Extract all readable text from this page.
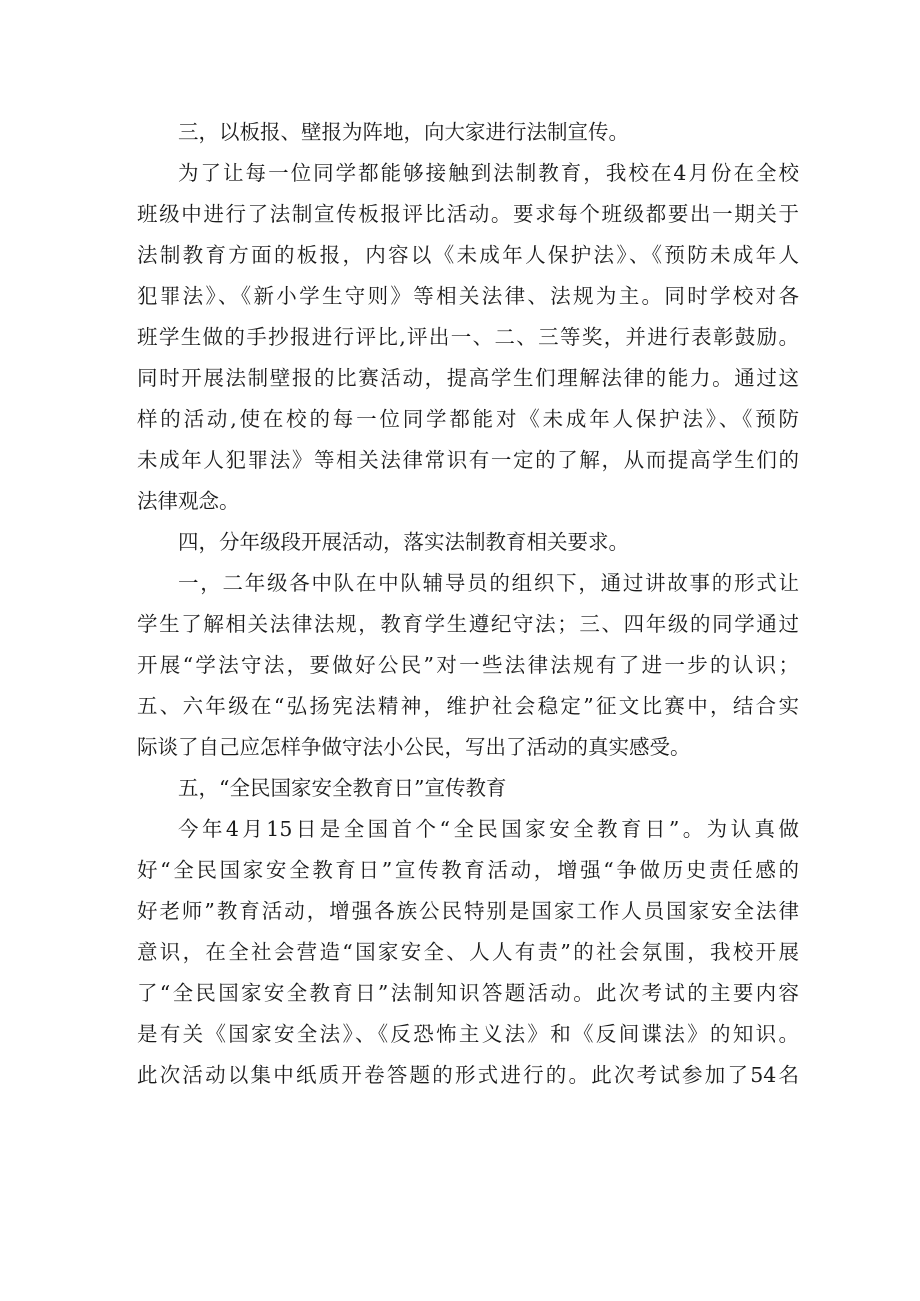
三，以板报、壁报为阵地，向大家进行法制宣传。
为了让每一位同学都能够接触到法制教育，我校在4月份在全校
班级中进行了法制宣传板报评比活动。要求每个班级都要出一期关于
法制教育方面的板报，内容以《未成年人保护法》、《预防未成年人
犯罪法》、《新小学生守则》等相关法律、法规为主。同时学校对各
班学生做的手抄报进行评比,评出一、二、三等奖，并进行表彰鼓励。
同时开展法制壁报的比赛活动，提高学生们理解法律的能力。通过这
样的活动,使在校的每一位同学都能对《未成年人保护法》、《预防
未成年人犯罪法》等相关法律常识有一定的了解，从而提高学生们的
法律观念。
四，分年级段开展活动，落实法制教育相关要求。
一，二年级各中队在中队辅导员的组织下，通过讲故事的形式让
学生了解相关法律法规，教育学生遵纪守法；三、四年级的同学通过
开展“学法守法，要做好公民”对一些法律法规有了进一步的认识；
五、六年级在“弘扬宪法精神，维护社会稳定”征文比赛中，结合实
际谈了自己应怎样争做守法小公民，写出了活动的真实感受。
五，“全民国家安全教育日”宣传教育
今年4月15日是全国首个“全民国家安全教育日”。为认真做
好“全民国家安全教育日”宣传教育活动，增强“争做历史责任感的
好老师”教育活动，增强各族公民特别是国家工作人员国家安全法律
意识，在全社会营造“国家安全、人人有责”的社会氛围，我校开展
了“全民国家安全教育日”法制知识答题活动。此次考试的主要内容
是有关《国家安全法》、《反恐怖主义法》和《反间谍法》的知识。
此次活动以集中纸质开卷答题的形式进行的。此次考试参加了54名
